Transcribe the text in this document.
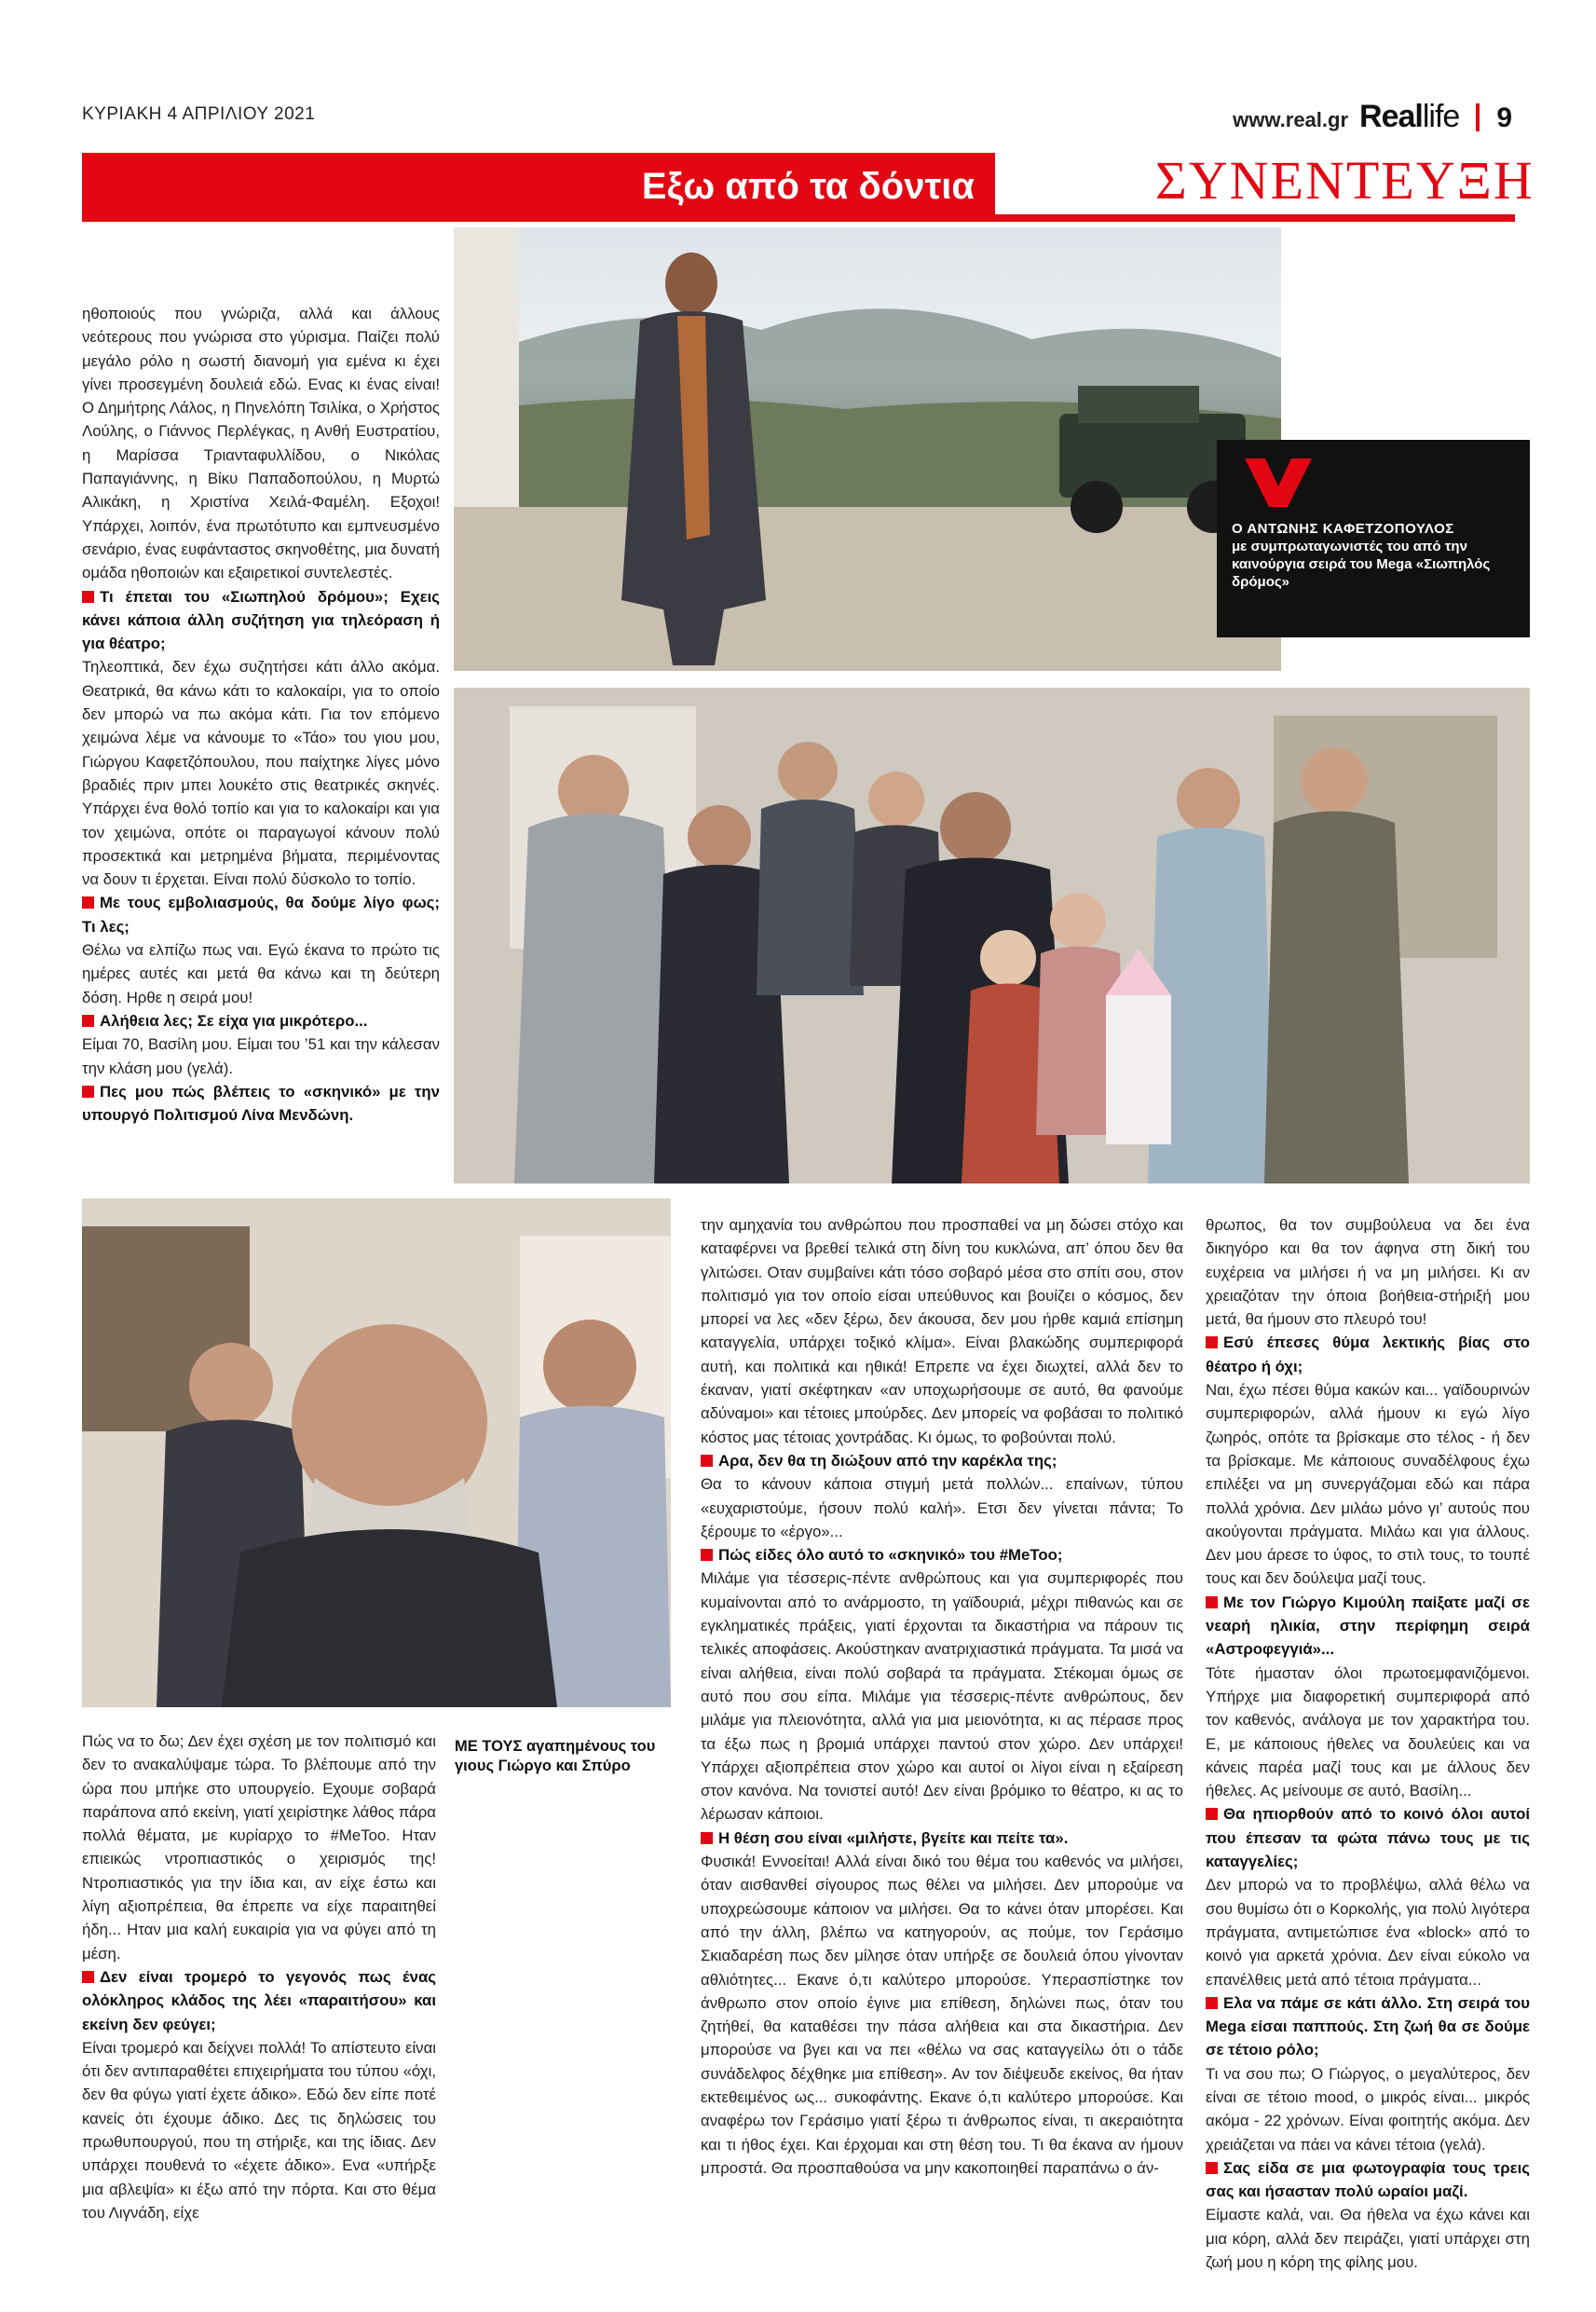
ΚΥΡΙΑΚΗ 4 ΑΠΡΙΛΙΟΥ 2021	www.real.gr Reallife 9
Εξω από τα δόντια	ΣΥΝΕΝΤΕΥΞΗ
Ο ΑΝΤΩΝΗΣ ΚΑΦΕΤΖΟΠΟΥΛΟΣ
με συμπρωταγωνιστές του από την καινούργια σειρά του Mega «Σιωπηλός δρόμος»
ΜΕ ΤΟΥΣ αγαπημένους του γιους Γιώργο και Σπύρο

ηθοποιούς που γνώριζα, αλλά και άλλους νεότερους που γνώρισα στο γύρισμα. Παίζει πολύ μεγάλο ρόλο η σωστή διανομή για εμένα κι έχει γίνει προσεγμένη δουλειά εδώ. Ενας κι ένας είναι! Ο Δημήτρης Λάλος, η Πηνελόπη Τσιλίκα, ο Χρήστος Λούλης, ο Γιάννος Περλέγκας, η Ανθή Ευστρατίου, η Μαρίσσα Τριανταφυλλίδου, ο Νικόλας Παπαγιάννης, η Βίκυ Παπαδοπούλου, η Μυρτώ Αλικάκη, η Χριστίνα Χειλά-Φαμέλη. Εξοχοι! Υπάρχει, λοιπόν, ένα πρωτότυπο και εμπνευσμένο σενάριο, ένας ευφάνταστος σκηνοθέτης, μια δυνατή ομάδα ηθοποιών και εξαιρετικοί συντελεστές.

Τι έπεται του «Σιωπηλού δρόμου»; Εχεις κάνει κάποια άλλη συζήτηση για τηλεόραση ή για θέατρο;

Τηλεοπτικά, δεν έχω συζητήσει κάτι άλλο ακόμα. Θεατρικά, θα κάνω κάτι το καλοκαίρι, για το οποίο δεν μπορώ να πω ακόμα κάτι. Για τον επόμενο χειμώνα λέμε να κάνουμε το «Τάο» του γιου μου, Γιώργου Καφετζόπουλου, που παίχτηκε λίγες μόνο βραδιές πριν μπει λουκέτο στις θεατρικές σκηνές. Υπάρχει ένα θολό τοπίο και για το καλοκαίρι και για τον χειμώνα, οπότε οι παραγωγοί κάνουν πολύ προσεκτικά και μετρημένα βήματα, περιμένοντας να δουν τι έρχεται. Είναι πολύ δύσκολο το τοπίο.

Με τους εμβολιασμούς, θα δούμε λίγο φως; Τι λες;

Θέλω να ελπίζω πως ναι. Εγώ έκανα το πρώτο τις ημέρες αυτές και μετά θα κάνω και τη δεύτερη δόση. Ηρθε η σειρά μου!

Αλήθεια λες; Σε είχα για μικρότερο...

Είμαι 70, Βασίλη μου. Είμαι του ’51 και την κάλεσαν την κλάση μου (γελά).

Πες μου πώς βλέπεις το «σκηνικό» με την υπουργό Πολιτισμού Λίνα Μενδώνη.

Πώς να το δω; Δεν έχει σχέση με τον πολιτισμό και δεν το ανακαλύψαμε τώρα. Το βλέπουμε από την ώρα που μπήκε στο υπουργείο. Εχουμε σοβαρά παράπονα από εκείνη, γιατί χειρίστηκε λάθος πάρα πολλά θέματα, με κυρίαρχο το #ΜeToo. Ηταν επιεικώς ντροπιαστικός ο χειρισμός της! Ντροπιαστικός για την ίδια και, αν είχε έστω και λίγη αξιοπρέπεια, θα έπρεπε να είχε παραιτηθεί ήδη... Ηταν μια καλή ευκαιρία για να φύγει από τη μέση.

Δεν είναι τρομερό το γεγονός πως ένας ολόκληρος κλάδος της λέει «παραιτήσου» και εκείνη δεν φεύγει;

Είναι τρομερό και δείχνει πολλά! Το απίστευτο είναι ότι δεν αντιπαραθέτει επιχειρήματα του τύπου «όχι, δεν θα φύγω γιατί έχετε άδικο». Εδώ δεν είπε ποτέ κανείς ότι έχουμε άδικο. Δες τις δηλώσεις του πρωθυπουργού, που τη στήριξε, και της ίδιας. Δεν υπάρχει πουθενά το «έχετε άδικο». Ενα «υπήρξε μια αβλεψία» κι έξω από την πόρτα. Και στο θέμα του Λιγνάδη, είχε

την αμηχανία του ανθρώπου που προσπαθεί να μη δώσει στόχο και καταφέρνει να βρεθεί τελικά στη δίνη του κυκλώνα, απ’ όπου δεν θα γλιτώσει. Οταν συμβαίνει κάτι τόσο σοβαρό μέσα στο σπίτι σου, στον πολιτισμό για τον οποίο είσαι υπεύθυνος και βουίζει ο κόσμος, δεν μπορεί να λες «δεν ξέρω, δεν άκουσα, δεν μου ήρθε καμιά επίσημη καταγγελία, υπάρχει τοξικό κλίμα». Είναι βλακώδης συμπεριφορά αυτή, και πολιτικά και ηθικά! Επρεπε να έχει διωχτεί, αλλά δεν το έκαναν, γιατί σκέφτηκαν «αν υποχωρήσουμε σε αυτό, θα φανούμε αδύναμοι» και τέτοιες μπούρδες. Δεν μπορείς να φοβάσαι το πολιτικό κόστος μας τέτοιας χοντράδας. Κι όμως, το φοβούνται πολύ.

Αρα, δεν θα τη διώξουν από την καρέκλα της;

Θα το κάνουν κάποια στιγμή μετά πολλών... επαίνων, τύπου «ευχαριστούμε, ήσουν πολύ καλή». Ετσι δεν γίνεται πάντα; Το ξέρουμε το «έργο»...

Πώς είδες όλο αυτό το «σκηνικό» του #ΜeToo;

Μιλάμε για τέσσερις-πέντε ανθρώπους και για συμπεριφορές που κυμαίνονται από το ανάρμοστο, τη γαϊδουριά, μέχρι πιθανώς και σε εγκληματικές πράξεις, γιατί έρχονται τα δικαστήρια να πάρουν τις τελικές αποφάσεις. Ακούστηκαν ανατριχιαστικά πράγματα. Τα μισά να είναι αλήθεια, είναι πολύ σοβαρά τα πράγματα. Στέκομαι όμως σε αυτό που σου είπα. Μιλάμε για τέσσερις-πέντε ανθρώπους, δεν μιλάμε για πλειονότητα, αλλά για μια μειονότητα, κι ας πέρασε προς τα έξω πως η βρομιά υπάρχει παντού στον χώρο. Δεν υπάρχει! Υπάρχει αξιοπρέπεια στον χώρο και αυτοί οι λίγοι είναι η εξαίρεση στον κανόνα. Να τονιστεί αυτό! Δεν είναι βρόμικο το θέατρο, κι ας το λέρωσαν κάποιοι.

Η θέση σου είναι «μιλήστε, βγείτε και πείτε τα».

Φυσικά! Εννοείται! Αλλά είναι δικό του θέμα του καθενός να μιλήσει, όταν αισθανθεί σίγουρος πως θέλει να μιλήσει. Δεν μπορούμε να υποχρεώσουμε κάποιον να μιλήσει. Θα το κάνει όταν μπορέσει. Και από την άλλη, βλέπω να κατηγορούν, ας πούμε, τον Γεράσιμο Σκιαδαρέση πως δεν μίλησε όταν υπήρξε σε δουλειά όπου γίνονταν αθλιότητες... Εκανε ό,τι καλύτερο μπορούσε. Υπερασπίστηκε τον άνθρωπο στον οποίο έγινε μια επίθεση, δηλώνει πως, όταν του ζητήθεί, θα καταθέσει την πάσα αλήθεια και στα δικαστήρια. Δεν μπορούσε να βγει και να πει «θέλω να σας καταγγείλω ότι ο τάδε συνάδελφος δέχθηκε μια επίθεση». Αν τον διέψευδε εκείνος, θα ήταν εκτεθειμένος ως... συκοφάντης. Εκανε ό,τι καλύτερο μπορούσε. Και αναφέρω τον Γεράσιμο γιατί ξέρω τι άνθρωπος είναι, τι ακεραιότητα και τι ήθος έχει. Και έρχομαι και στη θέση του. Τι θα έκανα αν ήμουν μπροστά. Θα προσπαθούσα να μην κακοποιηθεί παραπάνω ο άν-

θρωπος, θα τον συμβούλευα να δει ένα δικηγόρο και θα τον άφηνα στη δική του ευχέρεια να μιλήσει ή να μη μιλήσει. Κι αν χρειαζόταν την όποια βοήθεια-στήριξή μου μετά, θα ήμουν στο πλευρό του!

Εσύ έπεσες θύμα λεκτικής βίας στο θέατρο ή όχι;

Ναι, έχω πέσει θύμα κακών και... γαϊδουρινών συμπεριφορών, αλλά ήμουν κι εγώ λίγο ζωηρός, οπότε τα βρίσκαμε στο τέλος - ή δεν τα βρίσκαμε. Με κάποιους συναδέλφους έχω επιλέξει να μη συνεργάζομαι εδώ και πάρα πολλά χρόνια. Δεν μιλάω μόνο γι’ αυτούς που ακούγονται πράγματα. Μιλάω και για άλλους. Δεν μου άρεσε το ύφος, το στιλ τους, το τουπέ τους και δεν δούλεψα μαζί τους.

Με τον Γιώργο Κιμούλη παίξατε μαζί σε νεαρή ηλικία, στην περίφημη σειρά «Αστροφεγγιά»...

Τότε ήμασταν όλοι πρωτοεμφανιζόμενοι. Υπήρχε μια διαφορετική συμπεριφορά από τον καθενός, ανάλογα με τον χαρακτήρα του. Ε, με κάποιους ήθελες να δουλεύεις και να κάνεις παρέα μαζί τους και με άλλους δεν ήθελες. Ας μείνουμε σε αυτό, Βασίλη...

Θα ηπιορθούν από το κοινό όλοι αυτοί που έπεσαν τα φώτα πάνω τους με τις καταγγελίες;

Δεν μπορώ να το προβλέψω, αλλά θέλω να σου θυμίσω ότι ο Κορκολής, για πολύ λιγότερα πράγματα, αντιμετώπισε ένα «block» από το κοινό για αρκετά χρόνια. Δεν είναι εύκολο να επανέλθεις μετά από τέτοια πράγματα...

Ελα να πάμε σε κάτι άλλο. Στη σειρά του Mega είσαι παππούς. Στη ζωή θα σε δούμε σε τέτοιο ρόλο;

Τι να σου πω; Ο Γιώργος, ο μεγαλύτερος, δεν είναι σε τέτοιο mood, ο μικρός είναι... μικρός ακόμα - 22 χρόνων. Είναι φοιτητής ακόμα. Δεν χρειάζεται να πάει να κάνει τέτοια (γελά).

Σας είδα σε μια φωτογραφία τους τρεις σας και ήσασταν πολύ ωραίοι μαζί.

Είμαστε καλά, ναι. Θα ήθελα να έχω κάνει και μια κόρη, αλλά δεν πειράζει, γιατί υπάρχει στη ζωή μου η κόρη της φίλης μου.
